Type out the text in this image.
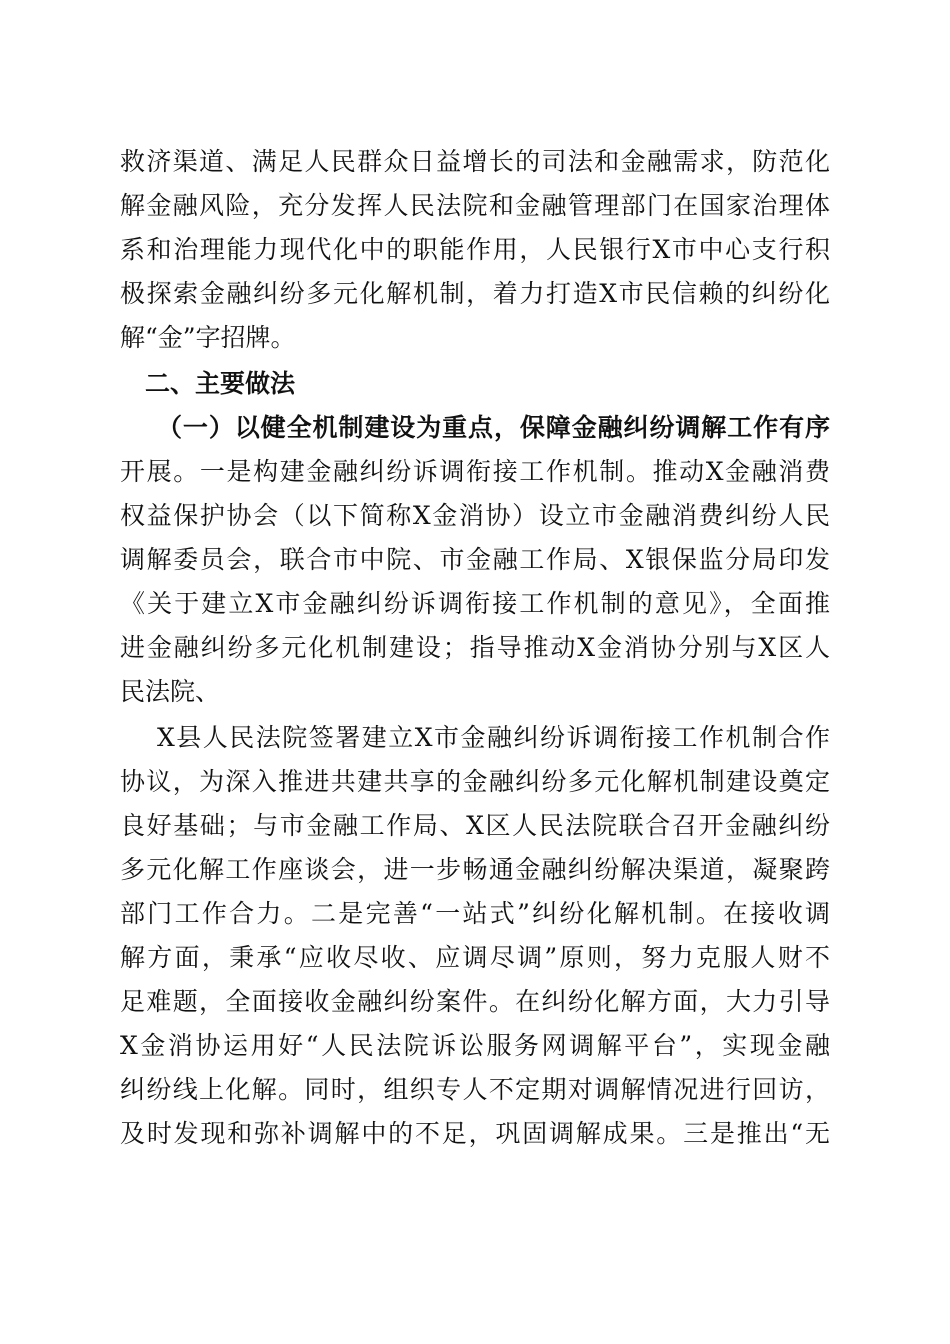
救济渠道、满足人民群众日益增长的司法和金融需求，防范化
解金融风险，充分发挥人民法院和金融管理部门在国家治理体
系和治理能力现代化中的职能作用，人民银行X市中心支行积
极探索金融纠纷多元化解机制，着力打造X市民信赖的纠纷化
解“金”字招牌。
二、主要做法
（一）以健全机制建设为重点，保障金融纠纷调解工作有序
开展。一是构建金融纠纷诉调衔接工作机制。推动X金融消费
权益保护协会（以下简称X金消协）设立市金融消费纠纷人民
调解委员会，联合市中院、市金融工作局、X银保监分局印发
《关于建立X市金融纠纷诉调衔接工作机制的意见》，全面推
进金融纠纷多元化机制建设；指导推动X金消协分别与X区人
民法院、
X县人民法院签署建立X市金融纠纷诉调衔接工作机制合作
协议，为深入推进共建共享的金融纠纷多元化解机制建设奠定
良好基础；与市金融工作局、X区人民法院联合召开金融纠纷
多元化解工作座谈会，进一步畅通金融纠纷解决渠道，凝聚跨
部门工作合力。二是完善“一站式”纠纷化解机制。在接收调
解方面，秉承“应收尽收、应调尽调”原则，努力克服人财不
足难题，全面接收金融纠纷案件。在纠纷化解方面，大力引导
X金消协运用好“人民法院诉讼服务网调解平台”，实现金融
纠纷线上化解。同时，组织专人不定期对调解情况进行回访，
及时发现和弥补调解中的不足，巩固调解成果。三是推出“无
